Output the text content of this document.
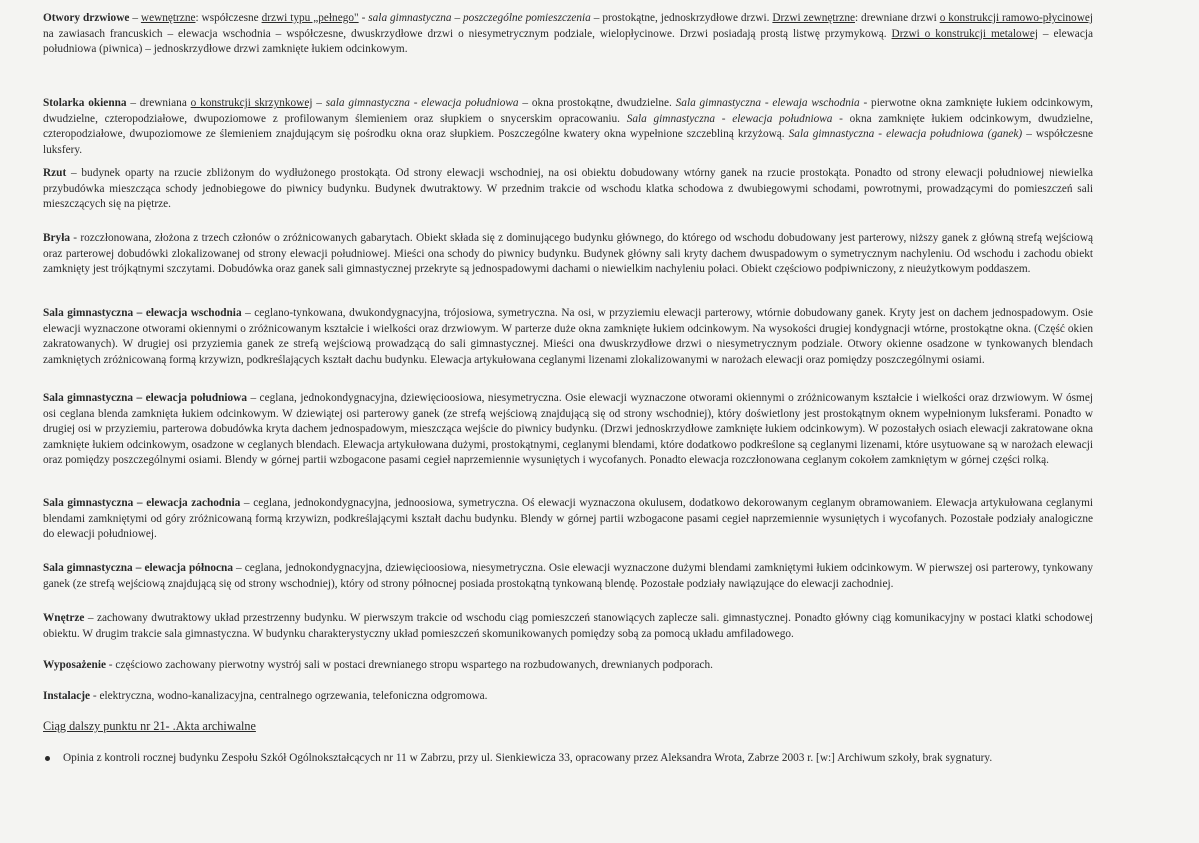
Otwory drzwiowe – wewnętrzne: współczesne drzwi typu „pełnego" - sala gimnastyczna – poszczególne pomieszczenia – prostokątne, jednoskrzydłowe drzwi. Drzwi zewnętrzne: drewniane drzwi o konstrukcji ramowo-płycinowej na zawiasach francuskich – elewacja wschodnia – współczesne, dwuskrzydłowe drzwi o niesymetrycznym podziale, wielopłycinowe. Drzwi posiadają prostą listwę przymykową. Drzwi o konstrukcji metalowej – elewacja południowa (piwnica) – jednoskrzydłowe drzwi zamknięte łukiem odcinkowym.

Stolarka okienna – drewniana o konstrukcji skrzynkowej – sala gimnastyczna - elewacja południowa – okna prostokątne, dwudzielne. Sala gimnastyczna - elewaja wschodnia - pierwotne okna zamknięte łukiem odcinkowym, dwudzielne, czteropodziałowe, dwupoziomowe z profilowanym ślemieniem oraz słupkiem o snycerskim opracowaniu. Sala gimnastyczna - elewacja południowa - okna zamknięte łukiem odcinkowym, dwudzielne, czteropodziałowe, dwupoziomowe ze ślemieniem znajdującym się pośrodku okna oraz słupkiem. Poszczególne kwatery okna wypełnione szczebliną krzyżową. Sala gimnastyczna - elewacja południowa (ganek) – współczesne luksfery.

Rzut – budynek oparty na rzucie zbliżonym do wydłużonego prostokąta. Od strony elewacji wschodniej, na osi obiektu dobudowany wtórny ganek na rzucie prostokąta. Ponadto od strony elewacji południowej niewielka przybudówka mieszcząca schody jednobiegowe do piwnicy budynku. Budynek dwutraktowy. W przednim trakcie od wschodu klatka schodowa z dwubiegowymi schodami, powrotnymi, prowadzącymi do pomieszczeń sali mieszczących się na piętrze.

Bryła - rozczłonowana, złożona z trzech członów o zróżnicowanych gabarytach. Obiekt składa się z dominującego budynku głównego, do którego od wschodu dobudowany jest parterowy, niższy ganek z główną strefą wejściową oraz parterowej dobudówki zlokalizowanej od strony elewacji południowej. Mieści ona schody do piwnicy budynku. Budynek główny sali kryty dachem dwuspadowym o symetrycznym nachyleniu. Od wschodu i zachodu obiekt zamknięty jest trójkątnymi szczytami. Dobudówka oraz ganek sali gimnastycznej przekryte są jednospadowymi dachami o niewielkim nachyleniu połaci. Obiekt częściowo podpiwniczony, z nieużytkowym poddaszem.

Sala gimnastyczna – elewacja wschodnia – ceglano-tynkowana, dwukondygnacyjna, trójosiowa, symetryczna. Na osi, w przyziemiu elewacji parterowy, wtórnie dobudowany ganek. Kryty jest on dachem jednospadowym. Osie elewacji wyznaczone otworami okiennymi o zróżnicowanym kształcie i wielkości oraz drzwiowym. W parterze duże okna zamknięte łukiem odcinkowym. Na wysokości drugiej kondygnacji wtórne, prostokątne okna. (Część okien zakratowanych). W drugiej osi przyziemia ganek ze strefą wejściową prowadzącą do sali gimnastycznej. Mieści ona dwuskrzydłowe drzwi o niesymetrycznym podziale. Otwory okienne osadzone w tynkowanych blendach zamkniętych zróżnicowaną formą krzywizn, podkreślających kształt dachu budynku. Elewacja artykułowana ceglanymi lizenami zlokalizowanymi w narożach elewacji oraz pomiędzy poszczególnymi osiami.

Sala gimnastyczna – elewacja południowa – ceglana, jednokondygnacyjna, dziewięcioosiowa, niesymetryczna. Osie elewacji wyznaczone otworami okiennymi o zróżnicowanym kształcie i wielkości oraz drzwiowym. W ósmej osi ceglana blenda zamknięta łukiem odcinkowym. W dziewiątej osi parterowy ganek (ze strefą wejściową znajdującą się od strony wschodniej), który doświetlony jest prostokątnym oknem wypełnionym luksferami. Ponadto w drugiej osi w przyziemiu, parterowa dobudówka kryta dachem jednospadowym, mieszcząca wejście do piwnicy budynku. (Drzwi jednoskrzydłowe zamknięte łukiem odcinkowym). W pozostałych osiach elewacji zakratowane okna zamknięte łukiem odcinkowym, osadzone w ceglanych blendach. Elewacja artykułowana dużymi, prostokątnymi, ceglanymi blendami, które dodatkowo podkreślone są ceglanymi lizenami, które usytuowane są w narożach elewacji oraz pomiędzy poszczególnymi osiami. Blendy w górnej partii wzbogacone pasami cegieł naprzemiennie wysuniętych i wycofanych. Ponadto elewacja rozczłonowana ceglanym cokołem zamkniętym w górnej części rolką.

Sala gimnastyczna – elewacja zachodnia – ceglana, jednokondygnacyjna, jednoosiowa, symetryczna. Oś elewacji wyznaczona okulusem, dodatkowo dekorowanym ceglanym obramowaniem. Elewacja artykułowana ceglanymi blendami zamkniętymi od góry zróżnicowaną formą krzywizn, podkreślającymi kształt dachu budynku. Blendy w górnej partii wzbogacone pasami cegieł naprzemiennie wysuniętych i wycofanych. Pozostałe podziały analogiczne do elewacji południowej.

Sala gimnastyczna – elewacja północna – ceglana, jednokondygnacyjna, dziewięcioosiowa, niesymetryczna. Osie elewacji wyznaczone dużymi blendami zamkniętymi łukiem odcinkowym. W pierwszej osi parterowy, tynkowany ganek (ze strefą wejściową znajdującą się od strony wschodniej), który od strony północnej posiada prostokątną tynkowaną blendę. Pozostałe podziały nawiązujące do elewacji zachodniej.

Wnętrze – zachowany dwutraktowy układ przestrzenny budynku. W pierwszym trakcie od wschodu ciąg pomieszczeń stanowiących zaplecze sali. gimnastycznej. Ponadto główny ciąg komunikacyjny w postaci klatki schodowej obiektu. W drugim trakcie sala gimnastyczna. W budynku charakterystyczny układ pomieszczeń skomunikowanych pomiędzy sobą za pomocą układu amfiladowego.

Wyposażenie - częściowo zachowany pierwotny wystrój sali w postaci drewnianego stropu wspartego na rozbudowanych, drewnianych podporach.

Instalacje - elektryczna, wodno-kanalizacyjna, centralnego ogrzewania, telefoniczna odgromowa.

Ciąg dalszy punktu nr 21- .Akta archiwalne
Opinia z kontroli rocznej budynku Zespołu Szkół Ogólnokształcących nr 11 w Zabrzu, przy ul. Sienkiewicza 33, opracowany przez Aleksandra Wrota, Zabrze 2003 r. [w:] Archiwum szkoły, brak sygnatury.
